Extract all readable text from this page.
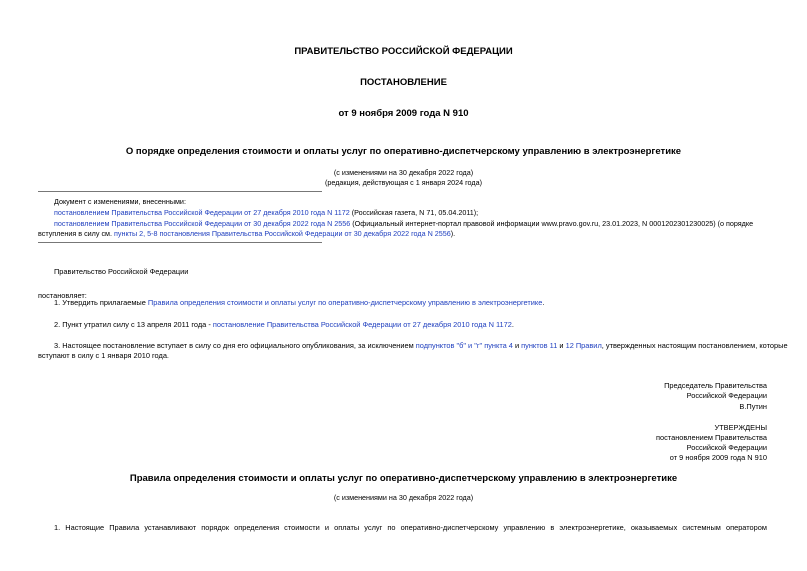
ПРАВИТЕЛЬСТВО РОССИЙСКОЙ ФЕДЕРАЦИИ
ПОСТАНОВЛЕНИЕ
от 9 ноября 2009 года N 910
О порядке определения стоимости и оплаты услуг по оперативно-диспетчерскому управлению в электроэнергетике
(с изменениями на 30 декабря 2022 года)
(редакция, действующая с 1 января 2024 года)
Документ с изменениями, внесенными:
постановлением Правительства Российской Федерации от 27 декабря 2010 года N 1172 (Российская газета, N 71, 05.04.2011);
постановлением Правительства Российской Федерации от 30 декабря 2022 года N 2556 (Официальный интернет-портал правовой информации www.pravo.gov.ru, 23.01.2023, N 0001202301230025) (о порядке
вступления в силу см. пункты 2, 5-8 постановления Правительства Российской Федерации от 30 декабря 2022 года N 2556).
Правительство Российской Федерации
постановляет:
1. Утвердить прилагаемые Правила определения стоимости и оплаты услуг по оперативно-диспетчерскому управлению в электроэнергетике.
2. Пункт утратил силу с 13 апреля 2011 года - постановление Правительства Российской Федерации от 27 декабря 2010 года N 1172.
3. Настоящее постановление вступает в силу со дня его официального опубликования, за исключением подпунктов "б" и "г" пункта 4 и пунктов 11 и 12 Правил, утвержденных настоящим постановлением, которые
вступают в силу с 1 января 2010 года.
Председатель Правительства
Российской Федерации
В.Путин
УТВЕРЖДЕНЫ
постановлением Правительства
Российской Федерации
от 9 ноября 2009 года N 910
Правила определения стоимости и оплаты услуг по оперативно-диспетчерскому управлению в электроэнергетике
(с изменениями на 30 декабря 2022 года)
1. Настоящие Правила устанавливают порядок определения стоимости и оплаты услуг по оперативно-диспетчерскому управлению в электроэнергетике, оказываемых системным оператором
